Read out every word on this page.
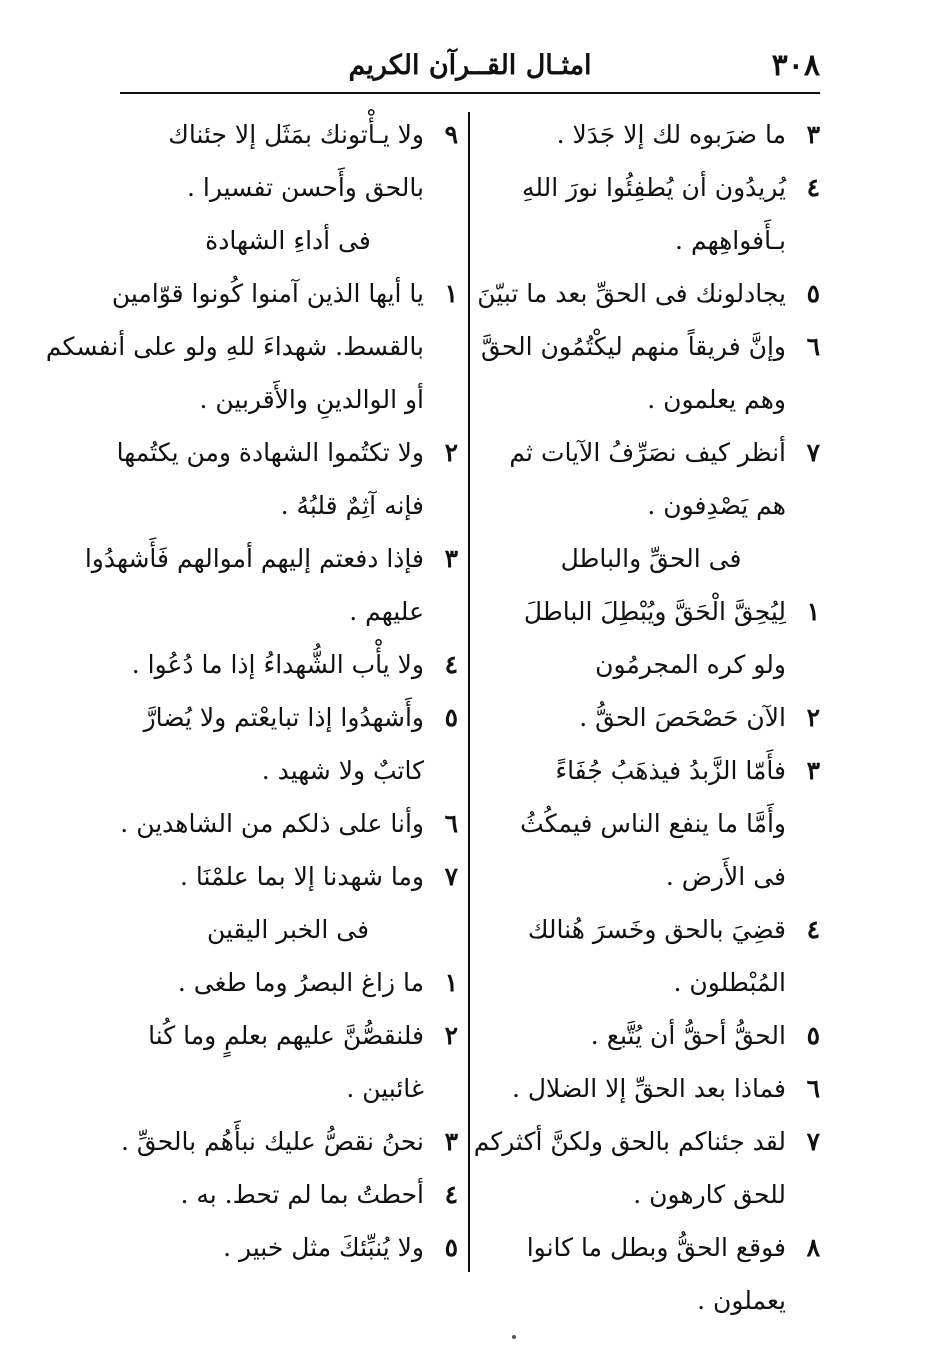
٣٠٨
امثـال القــرآن الكريم
٣
ما ضرَبوه لك إلا جَدَلا .
٤
يُريدُون أن يُطفِئُوا نورَ اللهِ
بـأَفواهِهم .
٥
يجادلونك فى الحقِّ بعد ما تبيّنَ
٦
وإنَّ فريقاً منهم ليكْتُمُون الحقَّ
وهم يعلمون .
٧
أنظر كيف نصَرِّفُ الآيات ثم
هم يَصْدِفون .
فى الحقِّ والباطل
١
لِيُحِقَّ الْحَقَّ ويُبْطِلَ الباطلَ
ولو كره المجرمُون
٢
الآن حَصْحَصَ الحقُّ .
٣
فأَمّا الزَّبدُ فيذهَبُ جُفَاءً
وأَمَّا ما ينفع الناس فيمكُثُ
فى الأَرض .
٤
قضِيَ بالحق وخَسرَ هُنالك
المُبْطلون .
٥
الحقُّ أحقُّ أن يُتَّبع .
٦
فماذا بعد الحقِّ إلا الضلال .
٧
لقد جئناكم بالحق ولكنَّ أكثركم
للحق كارهون .
٨
فوقع الحقُّ وبطل ما كانوا
يعملون .
٩
ولا يـأْتونك بمَثَل إلا جئناك
بالحق وأَحسن تفسيرا .
فى أداءِ الشهادة
١
يا أيها الذين آمنوا كُونوا قوّامين
بالقسط. شهداءَ للهِ ولو على أنفسكم
أو الوالدينِ والأَقربين .
٢
ولا تكتُموا الشهادة ومن يكتُمها
فإنه آثِمٌ قلبُهُ .
٣
فإذا دفعتم إليهم أموالهم فَأَشهدُوا
عليهم .
٤
ولا يأْب الشُّهداءُ إذا ما دُعُوا .
٥
وأَشهدُوا إذا تبايعْتم ولا يُضارَّ
كاتبٌ ولا شهيد .
٦
وأنا على ذلكم من الشاهدين .
٧
وما شهدنا إلا بما علمْنَا .
فى الخبر اليقين
١
ما زاغ البصرُ وما طغى .
٢
فلنقصُّنَّ عليهم بعلمٍ وما كُنا
غائبين .
٣
نحنُ نقصُّ عليك نبأَهُم بالحقِّ .
٤
أحطتُ بما لم تحط. به .
٥
ولا يُنبِّئكَ مثل خبير .
